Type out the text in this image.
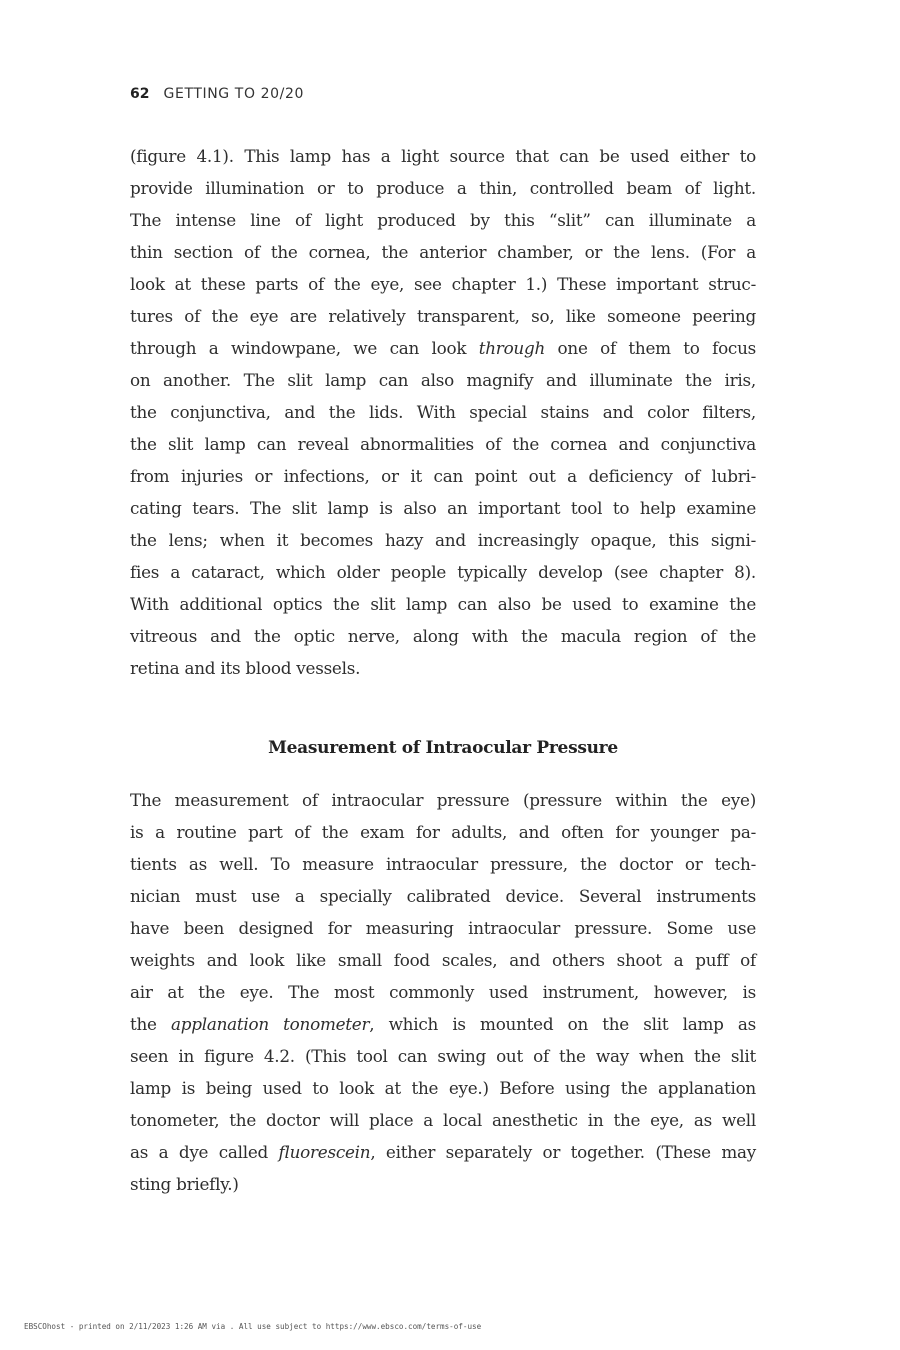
62 GETTING TO 20/20
(figure 4.1). This lamp has a light source that can be used either to
provide illumination or to produce a thin, controlled beam of light.
The intense line of light produced by this “slit” can illuminate a
thin section of the cornea, the anterior chamber, or the lens. (For a
look at these parts of the eye, see chapter 1.) These important struc-
tures of the eye are relatively transparent, so, like someone peering
through a windowpane, we can look through one of them to focus
on another. The slit lamp can also magnify and illuminate the iris,
the conjunctiva, and the lids. With special stains and color filters,
the slit lamp can reveal abnormalities of the cornea and conjunctiva
from injuries or infections, or it can point out a deficiency of lubri-
cating tears. The slit lamp is also an important tool to help examine
the lens; when it becomes hazy and increasingly opaque, this signi-
fies a cataract, which older people typically develop (see chapter 8).
With additional optics the slit lamp can also be used to examine the
vitreous and the optic nerve, along with the macula region of the
retina and its blood vessels.
Measurement of Intraocular Pressure
The measurement of intraocular pressure (pressure within the eye)
is a routine part of the exam for adults, and often for younger pa-
tients as well. To measure intraocular pressure, the doctor or tech-
nician must use a specially calibrated device. Several instruments
have been designed for measuring intraocular pressure. Some use
weights and look like small food scales, and others shoot a puff of
air at the eye. The most commonly used instrument, however, is
the applanation tonometer, which is mounted on the slit lamp as
seen in figure 4.2. (This tool can swing out of the way when the slit
lamp is being used to look at the eye.) Before using the applanation
tonometer, the doctor will place a local anesthetic in the eye, as well
as a dye called fluorescein, either separately or together. (These may
sting briefly.)
EBSCOhost - printed on 2/11/2023 1:26 AM via . All use subject to https://www.ebsco.com/terms-of-use
